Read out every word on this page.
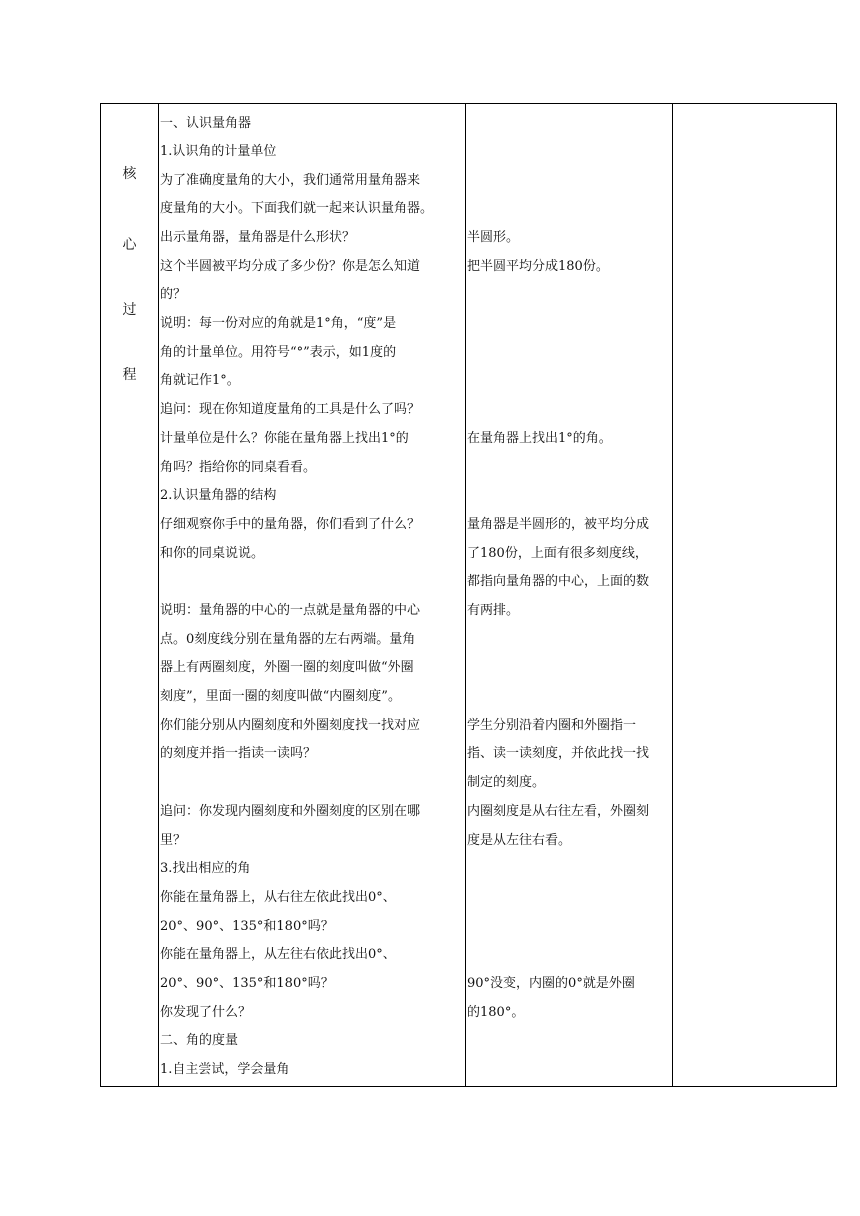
核
心
过
程
一、认识量角器
1.认识角的计量单位
为了准确度量角的大小，我们通常用量角器来
度量角的大小。下面我们就一起来认识量角器。
出示量角器，量角器是什么形状？
这个半圆被平均分成了多少份？你是怎么知道
的？
说明：每一份对应的角就是1°角，“度”是
角的计量单位。用符号“°”表示，如1度的
角就记作1°。
追问：现在你知道度量角的工具是什么了吗？
计量单位是什么？你能在量角器上找出1°的
角吗？指给你的同桌看看。
2.认识量角器的结构
仔细观察你手中的量角器，你们看到了什么？
和你的同桌说说。
说明：量角器的中心的一点就是量角器的中心
点。0刻度线分别在量角器的左右两端。量角
器上有两圈刻度，外圈一圈的刻度叫做“外圈
刻度”，里面一圈的刻度叫做“内圈刻度”。
你们能分别从内圈刻度和外圈刻度找一找对应
的刻度并指一指读一读吗？
追问：你发现内圈刻度和外圈刻度的区别在哪
里？
3.找出相应的角
你能在量角器上，从右往左依此找出0°、
20°、90°、135°和180°吗？
你能在量角器上，从左往右依此找出0°、
20°、90°、135°和180°吗？
你发现了什么？
二、角的度量
1.自主尝试，学会量角
半圆形。
把半圆平均分成180份。
在量角器上找出1°的角。
量角器是半圆形的，被平均分成
了180份，上面有很多刻度线，
都指向量角器的中心，上面的数
有两排。
学生分别沿着内圈和外圈指一
指、读一读刻度，并依此找一找
制定的刻度。
内圈刻度是从右往左看，外圈刻
度是从左往右看。
90°没变，内圈的0°就是外圈
的180°。
